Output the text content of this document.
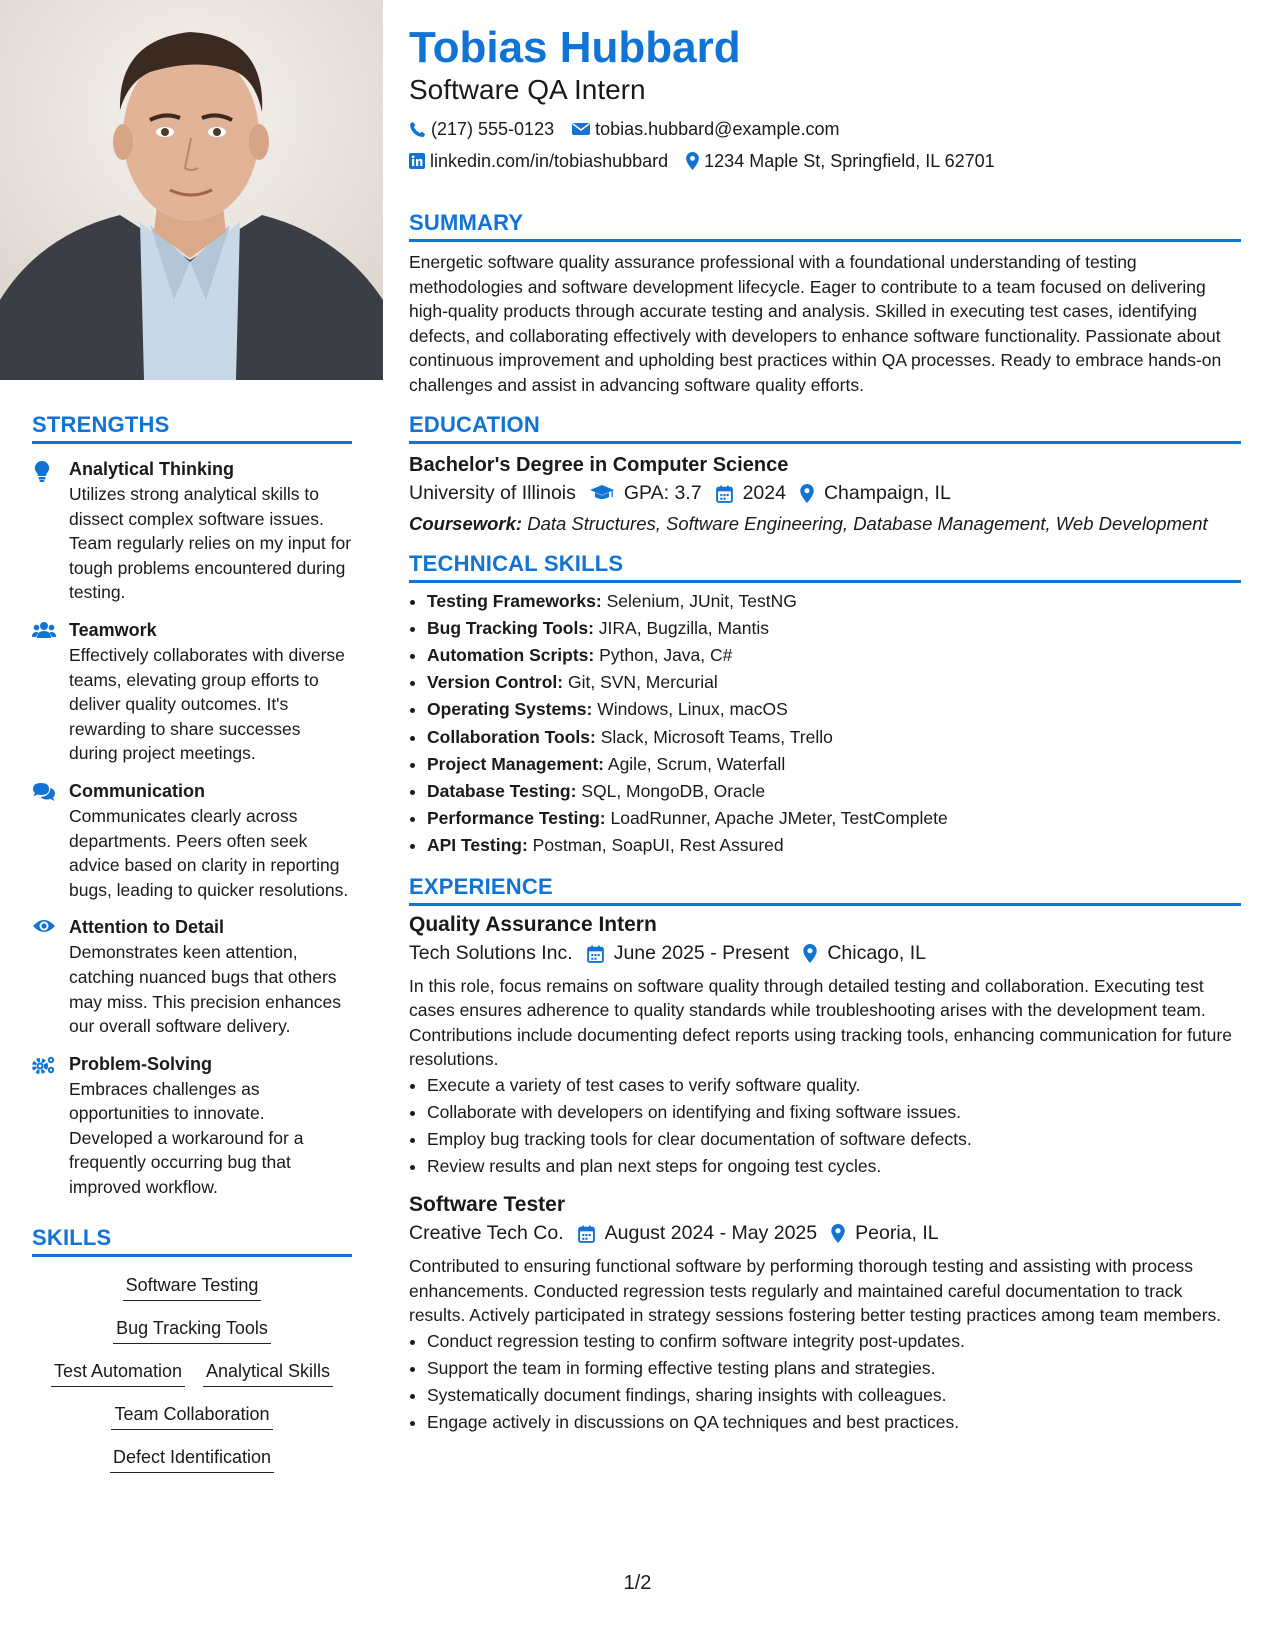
STRENGTHS
Analytical Thinking
Utilizes strong analytical skills to dissect complex software issues. Team regularly relies on my input for tough problems encountered during testing.
Teamwork
Effectively collaborates with diverse teams, elevating group efforts to deliver quality outcomes. It's rewarding to share successes during project meetings.
Communication
Communicates clearly across departments. Peers often seek advice based on clarity in reporting bugs, leading to quicker resolutions.
Attention to Detail
Demonstrates keen attention, catching nuanced bugs that others may miss. This precision enhances our overall software delivery.
Problem-Solving
Embraces challenges as opportunities to innovate. Developed a workaround for a frequently occurring bug that improved workflow.
SKILLS
Software Testing
Bug Tracking Tools
Test Automation Analytical Skills
Team Collaboration
Defect Identification
Tobias Hubbard
Software QA Intern
(217) 555-0123 tobias.hubbard@example.com
linkedin.com/in/tobiashubbard 1234 Maple St, Springfield, IL 62701
SUMMARY

Energetic software quality assurance professional with a foundational understanding of testing methodologies and software development lifecycle. Eager to contribute to a team focused on delivering high-quality products through accurate testing and analysis. Skilled in executing test cases, identifying defects, and collaborating effectively with developers to enhance software functionality. Passionate about continuous improvement and upholding best practices within QA processes. Ready to embrace hands-on challenges and assist in advancing software quality efforts.

EDUCATION
Bachelor's Degree in Computer Science
University of Illinois GPA: 3.7 2024 Champaign, IL

Coursework: Data Structures, Software Engineering, Database Management, Web Development

TECHNICAL SKILLS
• Testing Frameworks: Selenium, JUnit, TestNG
• Bug Tracking Tools: JIRA, Bugzilla, Mantis
• Automation Scripts: Python, Java, C#
• Version Control: Git, SVN, Mercurial
• Operating Systems: Windows, Linux, macOS
• Collaboration Tools: Slack, Microsoft Teams, Trello
• Project Management: Agile, Scrum, Waterfall
• Database Testing: SQL, MongoDB, Oracle
• Performance Testing: LoadRunner, Apache JMeter, TestComplete
• API Testing: Postman, SoapUI, Rest Assured
EXPERIENCE
Quality Assurance Intern
Tech Solutions Inc. June 2025 - Present Chicago, IL

In this role, focus remains on software quality through detailed testing and collaboration. Executing test cases ensures adherence to quality standards while troubleshooting arises with the development team. Contributions include documenting defect reports using tracking tools, enhancing communication for future resolutions.

• Execute a variety of test cases to verify software quality.
• Collaborate with developers on identifying and fixing software issues.
• Employ bug tracking tools for clear documentation of software defects.
• Review results and plan next steps for ongoing test cycles.
Software Tester
Creative Tech Co. August 2024 - May 2025 Peoria, IL

Contributed to ensuring functional software by performing thorough testing and assisting with process enhancements. Conducted regression tests regularly and maintained careful documentation to track results. Actively participated in strategy sessions fostering better testing practices among team members.

• Conduct regression testing to confirm software integrity post-updates.
• Support the team in forming effective testing plans and strategies.
• Systematically document findings, sharing insights with colleagues.
• Engage actively in discussions on QA techniques and best practices.
1/2
